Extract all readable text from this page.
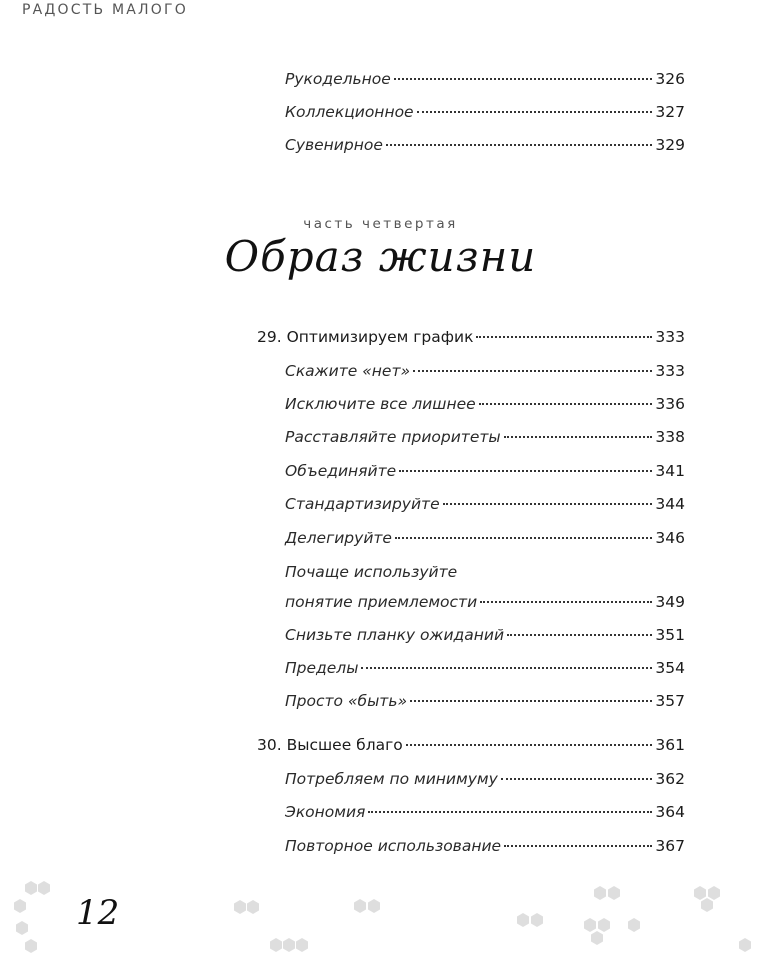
РАДОСТЬ МАЛОГО
Рукодельное	326
Коллекционное	327
Сувенирное	329
часть четвертая
Образ жизни
29. Оптимизируем график	333
Скажите «нет»	333
Исключите все лишнее	336
Расставляйте приоритеты	338
Объединяйте	341
Стандартизируйте	344
Делегируйте	346
Почаще используйте
понятие приемлемости	349
Снизьте планку ожиданий	351
Пределы	354
Просто «быть»	357
30. Высшее благо	361
Потребляем по минимуму	362
Экономия	364
Повторное использование	367
12
